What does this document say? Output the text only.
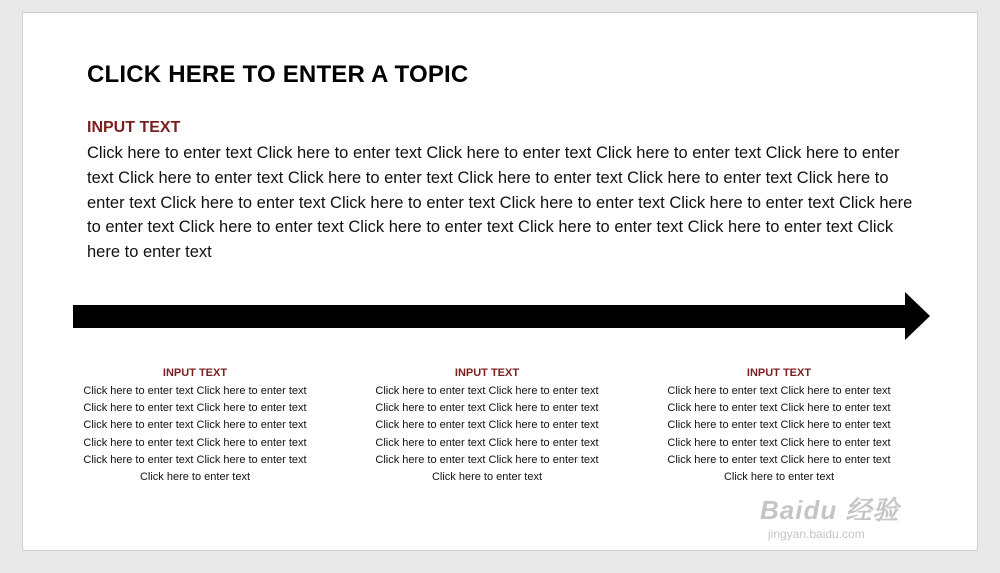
CLICK HERE TO ENTER A TOPIC
INPUT TEXT
Click here to enter text Click here to enter text Click here to enter text Click here to enter text Click here to enter text Click here to enter text Click here to enter text Click here to enter text Click here to enter text Click here to enter text Click here to enter text Click here to enter text Click here to enter text Click here to enter text Click here to enter text Click here to enter text Click here to enter text Click here to enter text Click here to enter text Click here to enter text
INPUT TEXT
Click here to enter text Click here to enter text Click here to enter text Click here to enter text Click here to enter text Click here to enter text Click here to enter text Click here to enter text Click here to enter text Click here to enter text Click here to enter text
INPUT TEXT
Click here to enter text Click here to enter text Click here to enter text Click here to enter text Click here to enter text Click here to enter text Click here to enter text Click here to enter text Click here to enter text Click here to enter text Click here to enter text
INPUT TEXT
Click here to enter text Click here to enter text Click here to enter text Click here to enter text Click here to enter text Click here to enter text Click here to enter text Click here to enter text Click here to enter text Click here to enter text Click here to enter text
Baidu 经验
jingyan.baidu.com
